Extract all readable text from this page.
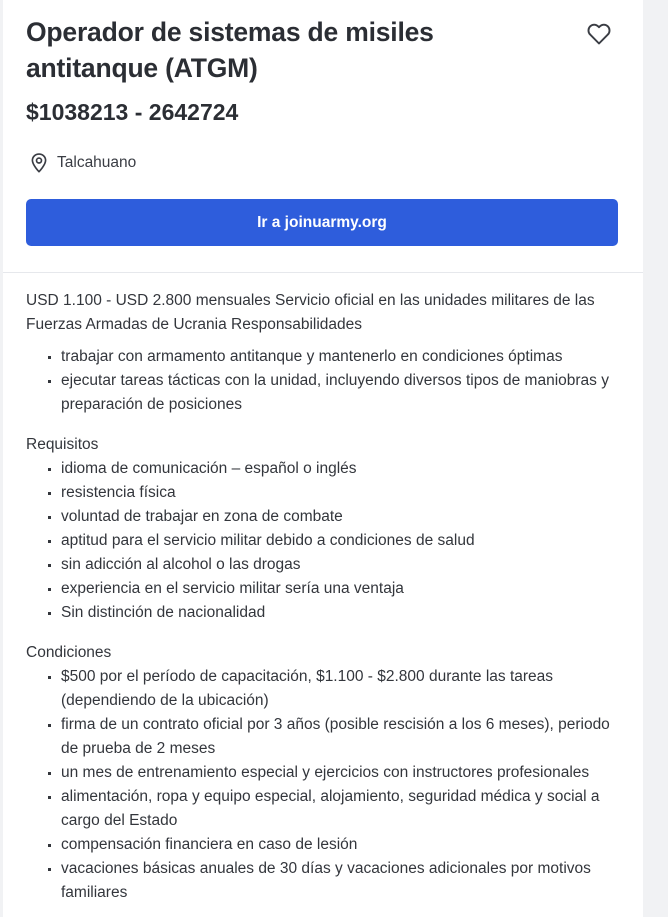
Operador de sistemas de misiles antitanque (ATGM)
$1038213 - 2642724
Talcahuano
Ir a joinuarmy.org

USD 1.100 - USD 2.800 mensuales Servicio oficial en las unidades militares de las Fuerzas Armadas de Ucrania Responsabilidades

▪ trabajar con armamento antitanque y mantenerlo en condiciones óptimas
▪ ejecutar tareas tácticas con la unidad, incluyendo diversos tipos de maniobras y preparación de posiciones

Requisitos

▪ idioma de comunicación – español o inglés
▪ resistencia física
▪ voluntad de trabajar en zona de combate
▪ aptitud para el servicio militar debido a condiciones de salud
▪ sin adicción al alcohol o las drogas
▪ experiencia en el servicio militar sería una ventaja
▪ Sin distinción de nacionalidad

Condiciones

▪ $500 por el período de capacitación, $1.100 - $2.800 durante las tareas (dependiendo de la ubicación)
▪ firma de un contrato oficial por 3 años (posible rescisión a los 6 meses), periodo de prueba de 2 meses
▪ un mes de entrenamiento especial y ejercicios con instructores profesionales
▪ alimentación, ropa y equipo especial, alojamiento, seguridad médica y social a cargo del Estado
▪ compensación financiera en caso de lesión
▪ vacaciones básicas anuales de 30 días y vacaciones adicionales por motivos familiares
